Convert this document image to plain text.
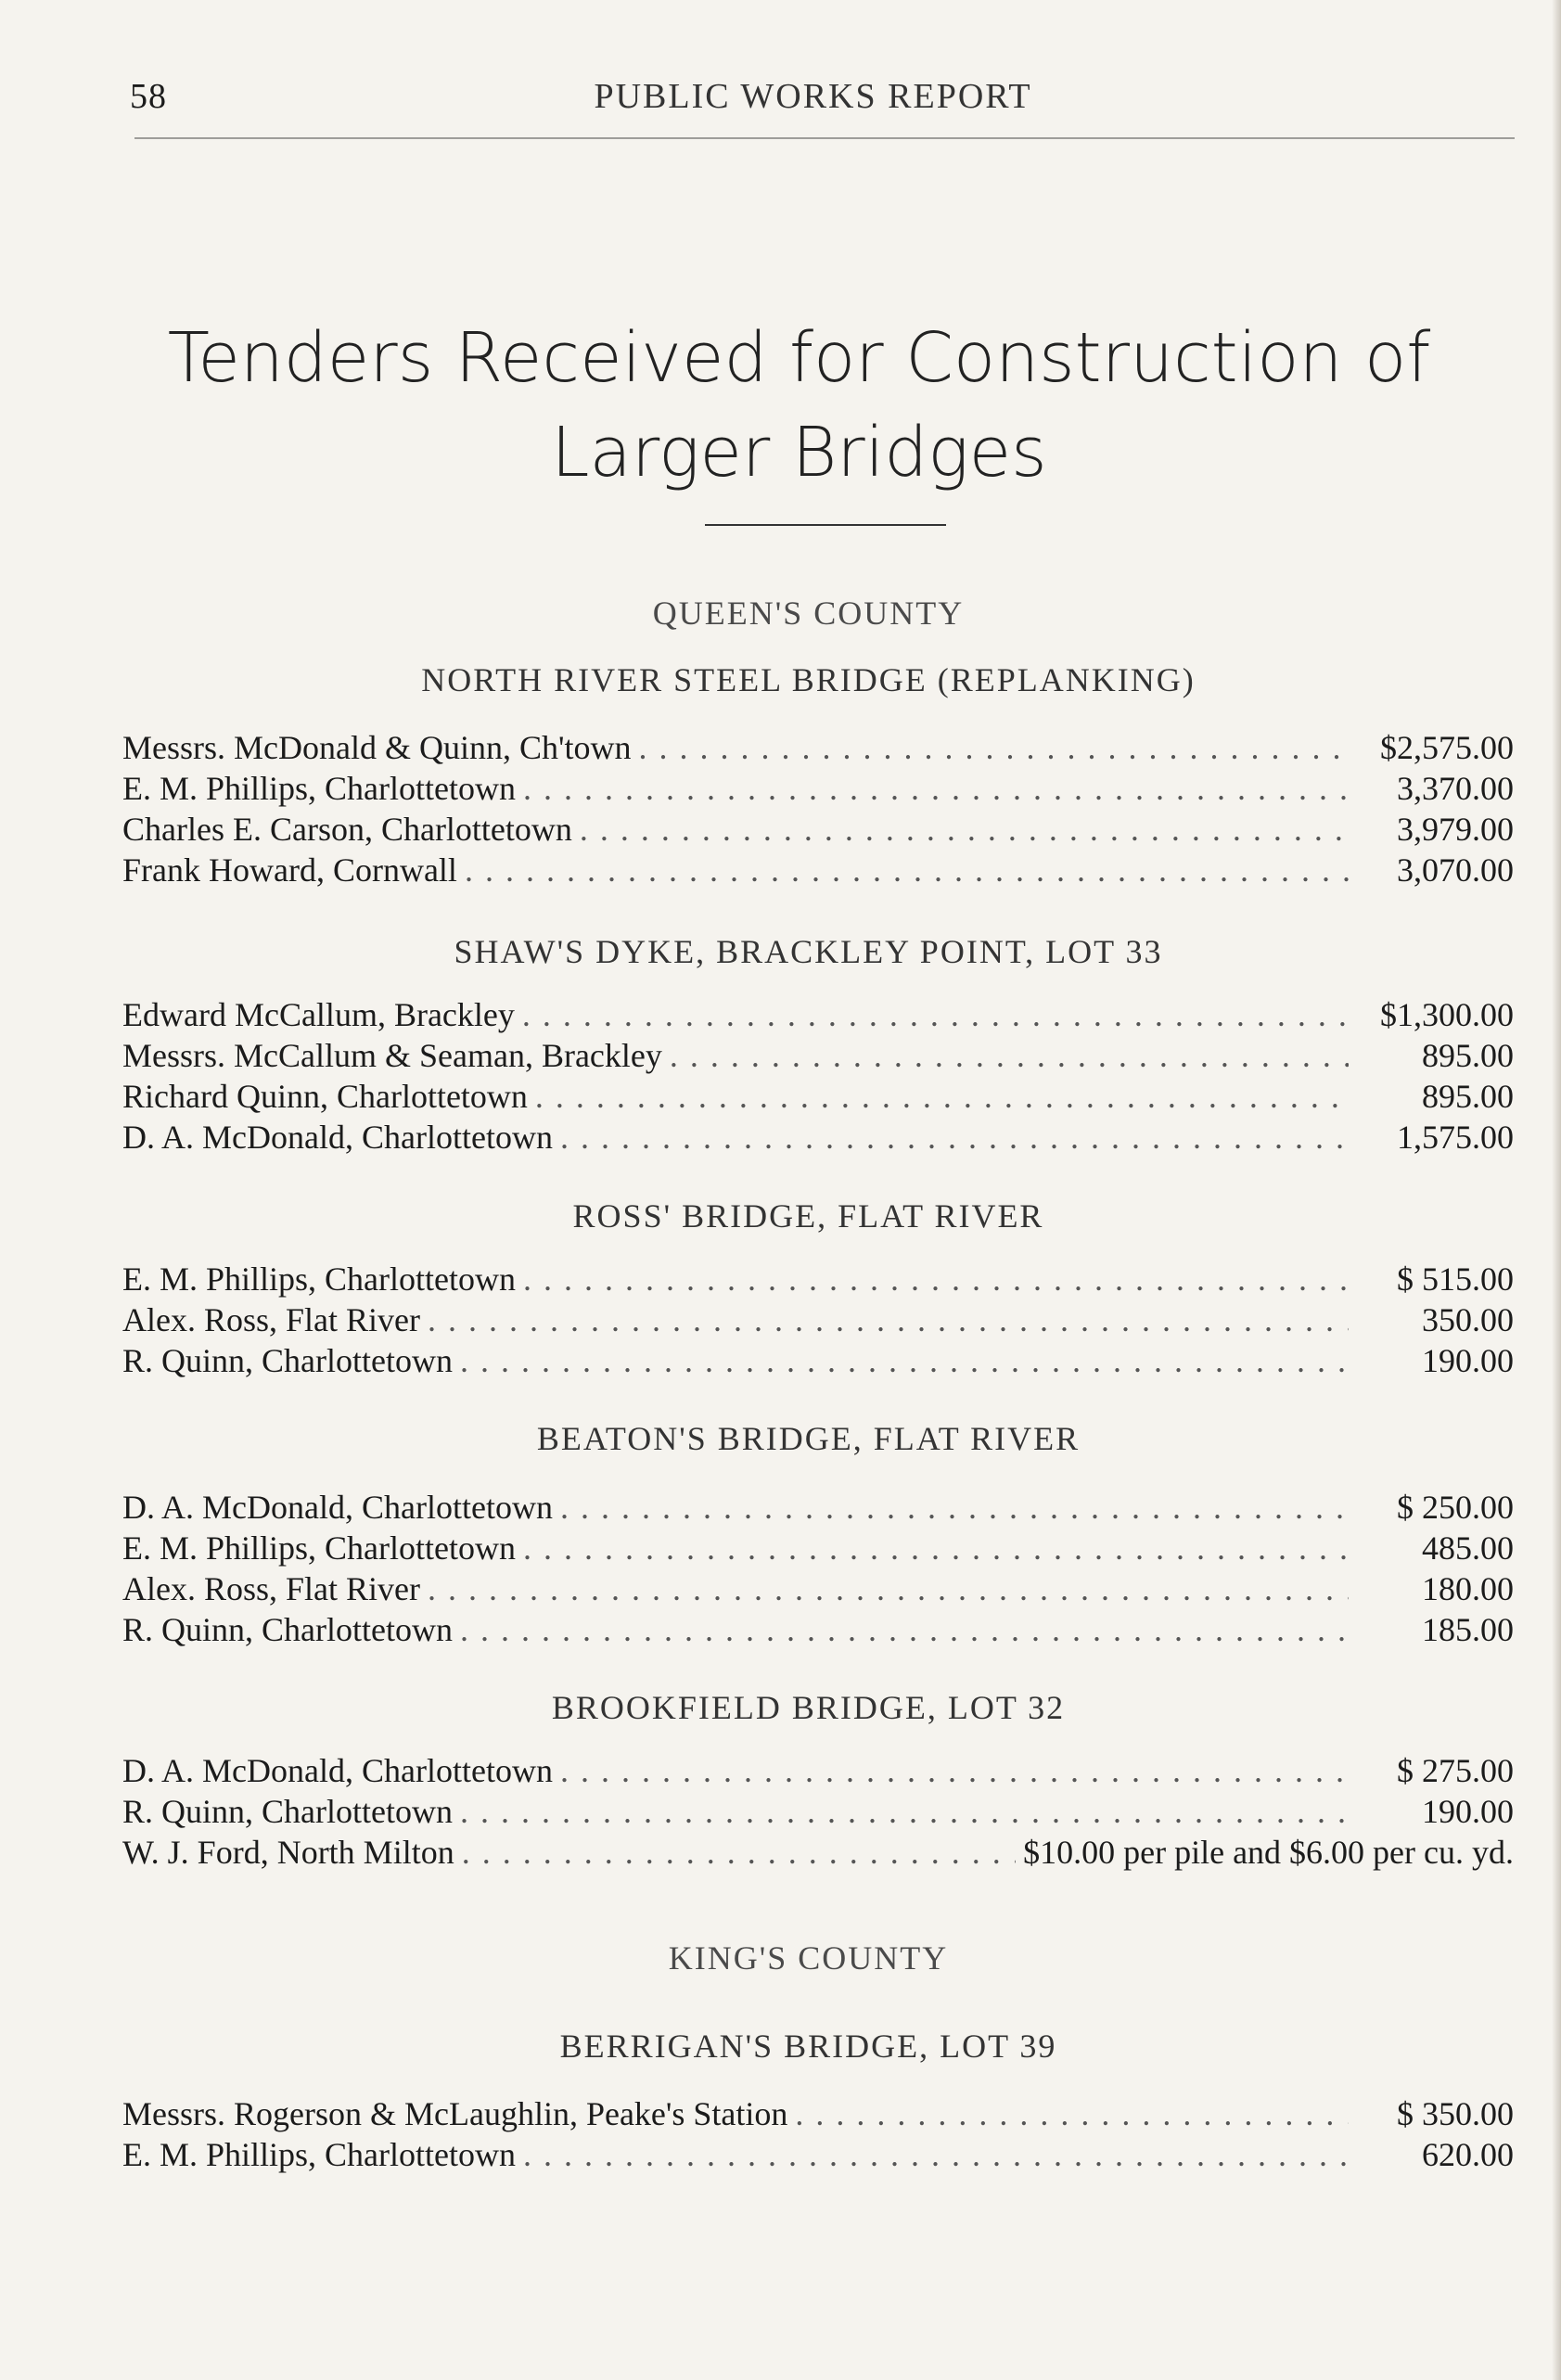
58	PUBLIC WORKS REPORT
Tenders Received for Construction of
Larger Bridges
QUEEN'S COUNTY
NORTH RIVER STEEL BRIDGE (REPLANKING)
Messrs. McDonald & Quinn, Ch'town . . .	$2,575.00
E. M. Phillips, Charlottetown . . .	3,370.00
Charles E. Carson, Charlottetown . . .	3,979.00
Frank Howard, Cornwall . . .	3,070.00
SHAW'S DYKE, BRACKLEY POINT, LOT 33
Edward McCallum, Brackley . . .	$1,300.00
Messrs. McCallum & Seaman, Brackley . . .	895.00
Richard Quinn, Charlottetown . . .	895.00
D. A. McDonald, Charlottetown . . .	1,575.00
ROSS' BRIDGE, FLAT RIVER
E. M. Phillips, Charlottetown . . .	$ 515.00
Alex. Ross, Flat River . . .	350.00
R. Quinn, Charlottetown . . .	190.00
BEATON'S BRIDGE, FLAT RIVER
D. A. McDonald, Charlottetown . . .	$ 250.00
E. M. Phillips, Charlottetown . . .	485.00
Alex. Ross, Flat River . . .	180.00
R. Quinn, Charlottetown . . .	185.00
BROOKFIELD BRIDGE, LOT 32
D. A. McDonald, Charlottetown . . .	$ 275.00
R. Quinn, Charlottetown . . .	190.00
W. J. Ford, North Milton . . .	$10.00 per pile and $6.00 per cu. yd.
KING'S COUNTY
BERRIGAN'S BRIDGE, LOT 39
Messrs. Rogerson & McLaughlin, Peake's Station . . .	$ 350.00
E. M. Phillips, Charlottetown . . .	620.00
